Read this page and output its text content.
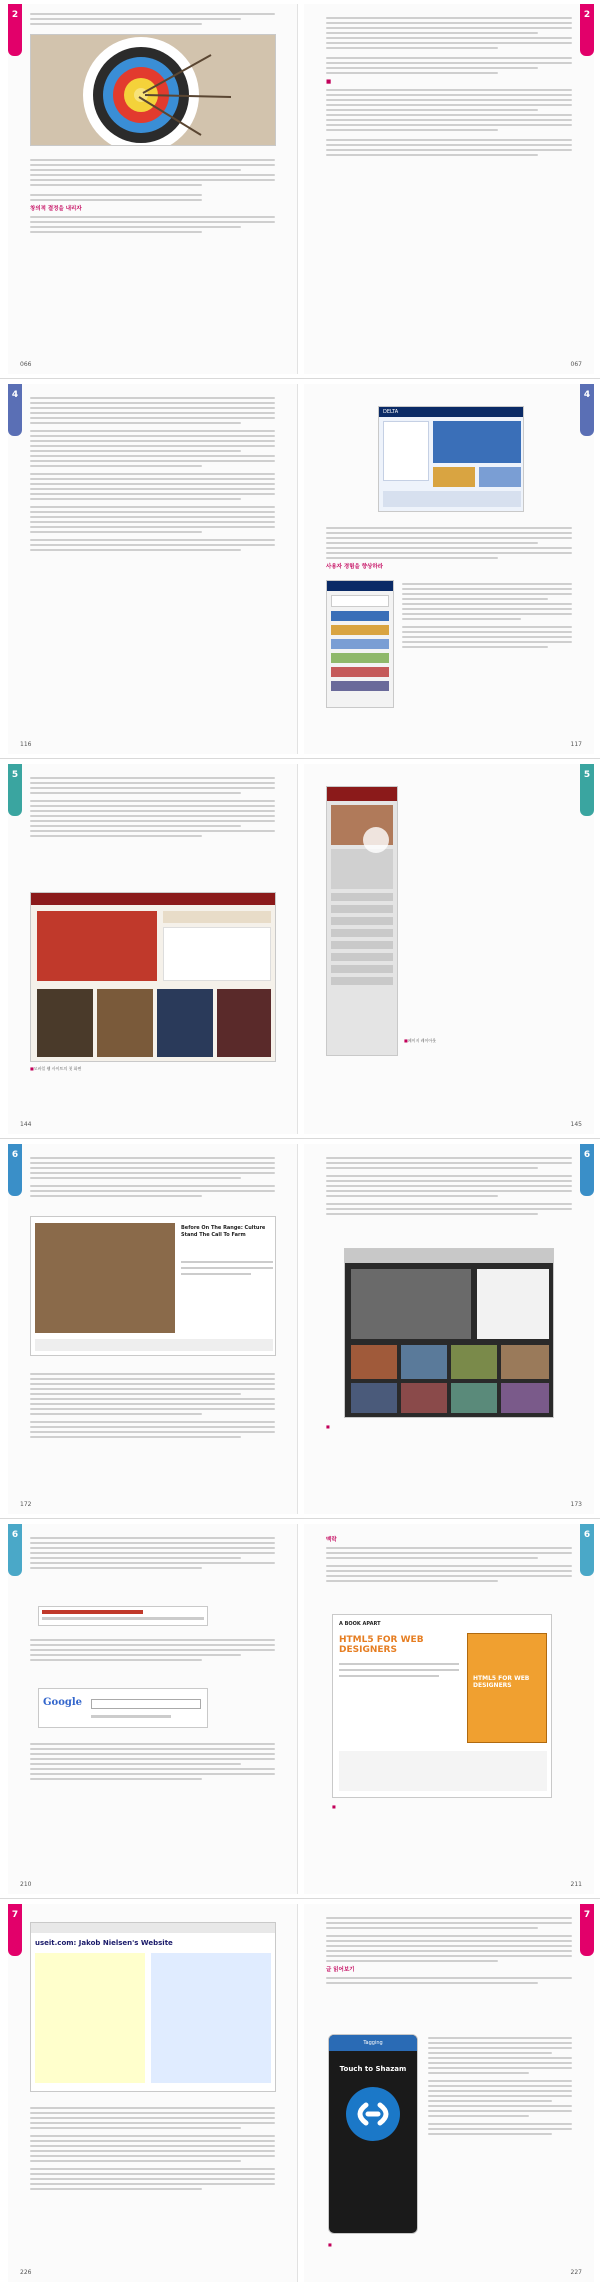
2
창의적 결정을 내리자
066
2
■
067
4
116
4
DELTA
사용자 경험을 향상하라
117
5
■ 모바일 웹 사이트의 첫 화면
144
5
■ 페이지 레이아웃
145
6
Before On The Range: Culture Stand The Call To Farm
172
6
■
173
6
Google
210
6
맥락
A BOOK APART
HTML5 FOR WEB DESIGNERS
HTML5 FOR WEB DESIGNERS
■
211
7
useit.com: Jakob Nielsen's Website
226
7
글 읽어보기
Tagging
Touch to Shazam
■
227
